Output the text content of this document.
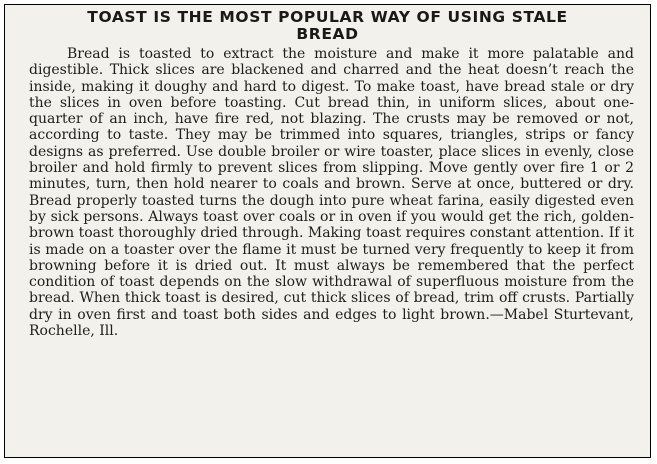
TOAST IS THE MOST POPULAR WAY OF USING STALE
BREAD

Bread is toasted to extract the moisture and make it more palatable and digestible. Thick slices are blackened and charred and the heat doesn’t reach the inside, making it doughy and hard to digest. To make toast, have bread stale or dry the slices in oven before toasting. Cut bread thin, in uniform slices, about one-quarter of an inch, have fire red, not blazing. The crusts may be removed or not, according to taste. They may be trimmed into squares, triangles, strips or fancy designs as preferred. Use double broiler or wire toaster, place slices in evenly, close broiler and hold firmly to prevent slices from slipping. Move gently over fire 1 or 2 minutes, turn, then hold nearer to coals and brown. Serve at once, buttered or dry. Bread properly toasted turns the dough into pure wheat farina, easily digested even by sick persons. Always toast over coals or in oven if you would get the rich, golden-brown toast thoroughly dried through. Making toast requires constant attention. If it is made on a toaster over the flame it must be turned very frequently to keep it from browning before it is dried out. It must always be remembered that the perfect condition of toast depends on the slow withdrawal of superfluous moisture from the bread. When thick toast is desired, cut thick slices of bread, trim off crusts. Partially dry in oven first and toast both sides and edges to light brown.—Mabel Sturtevant, Rochelle, Ill.
